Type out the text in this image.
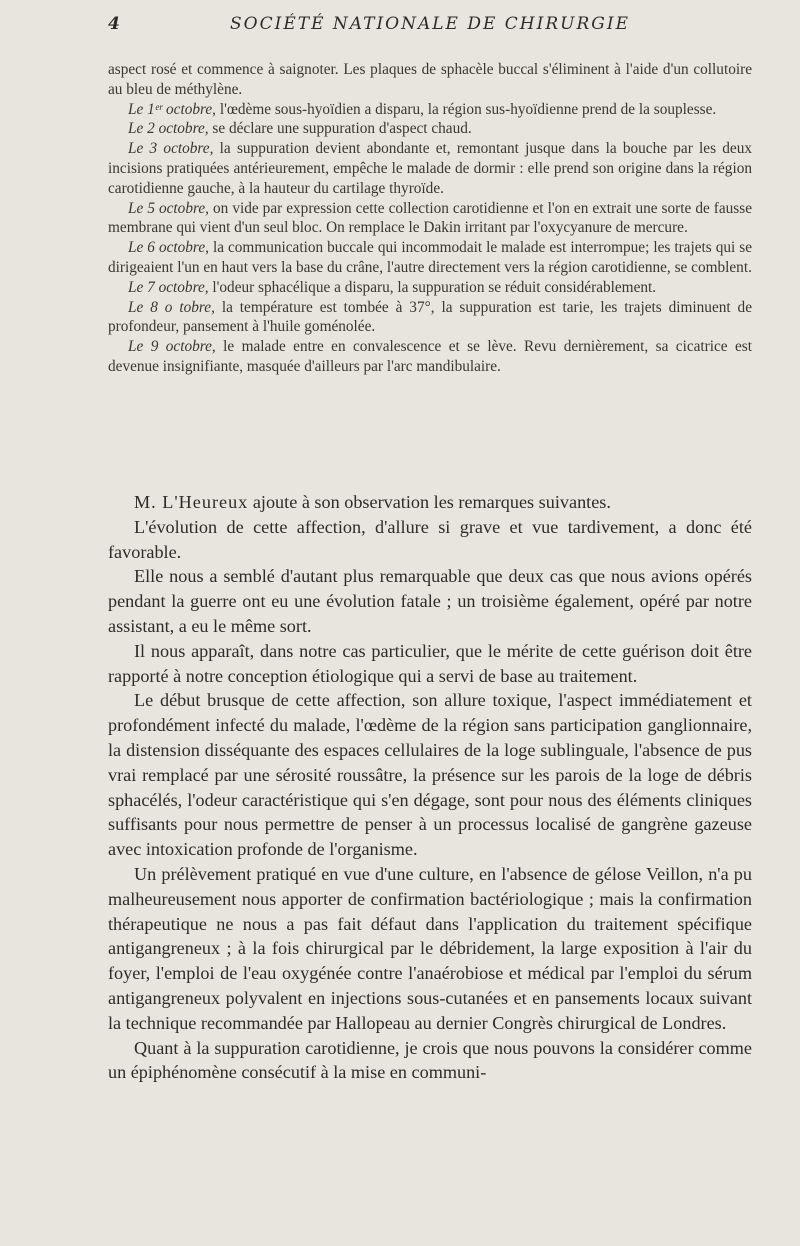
4	SOCIÉTÉ NATIONALE DE CHIRURGIE

aspect rosé et commence à saignoter. Les plaques de sphacèle buccal s'éliminent à l'aide d'un collutoire au bleu de méthylène.

Le 1ᵉʳ octobre, l'œdème sous-hyoïdien a disparu, la région sus-hyoïdienne prend de la souplesse.

Le 2 octobre, se déclare une suppuration d'aspect chaud.

Le 3 octobre, la suppuration devient abondante et, remontant jusque dans la bouche par les deux incisions pratiquées antérieurement, empêche le malade de dormir : elle prend son origine dans la région carotidienne gauche, à la hauteur du cartilage thyroïde.

Le 5 octobre, on vide par expression cette collection carotidienne et l'on en extrait une sorte de fausse membrane qui vient d'un seul bloc. On remplace le Dakin irritant par l'oxycyanure de mercure.

Le 6 octobre, la communication buccale qui incommodait le malade est interrompue; les trajets qui se dirigeaient l'un en haut vers la base du crâne, l'autre directement vers la région carotidienne, se comblent.

Le 7 octobre, l'odeur sphacélique a disparu, la suppuration se réduit considérablement.

Le 8 o tobre, la température est tombée à 37°, la suppuration est tarie, les trajets diminuent de profondeur, pansement à l'huile goménolée.

Le 9 octobre, le malade entre en convalescence et se lève. Revu dernièrement, sa cicatrice est devenue insignifiante, masquée d'ailleurs par l'arc mandibulaire.

M. L'Heureux ajoute à son observation les remarques suivantes.

L'évolution de cette affection, d'allure si grave et vue tardivement, a donc été favorable.

Elle nous a semblé d'autant plus remarquable que deux cas que nous avions opérés pendant la guerre ont eu une évolution fatale ; un troisième également, opéré par notre assistant, a eu le même sort.

Il nous apparaît, dans notre cas particulier, que le mérite de cette guérison doit être rapporté à notre conception étiologique qui a servi de base au traitement.

Le début brusque de cette affection, son allure toxique, l'aspect immédiatement et profondément infecté du malade, l'œdème de la région sans participation ganglionnaire, la distension disséquante des espaces cellulaires de la loge sublinguale, l'absence de pus vrai remplacé par une sérosité roussâtre, la présence sur les parois de la loge de débris sphacélés, l'odeur caractéristique qui s'en dégage, sont pour nous des éléments cliniques suffisants pour nous permettre de penser à un processus localisé de gangrène gazeuse avec intoxication profonde de l'organisme.

Un prélèvement pratiqué en vue d'une culture, en l'absence de gélose Veillon, n'a pu malheureusement nous apporter de confirmation bactériologique ; mais la confirmation thérapeutique ne nous a pas fait défaut dans l'application du traitement spécifique antigangreneux ; à la fois chirurgical par le débridement, la large exposition à l'air du foyer, l'emploi de l'eau oxygénée contre l'anaérobiose et médical par l'emploi du sérum antigangreneux polyvalent en injections sous-cutanées et en pansements locaux suivant la technique recommandée par Hallopeau au dernier Congrès chirurgical de Londres.

Quant à la suppuration carotidienne, je crois que nous pouvons la considérer comme un épiphénomène consécutif à la mise en communi-
